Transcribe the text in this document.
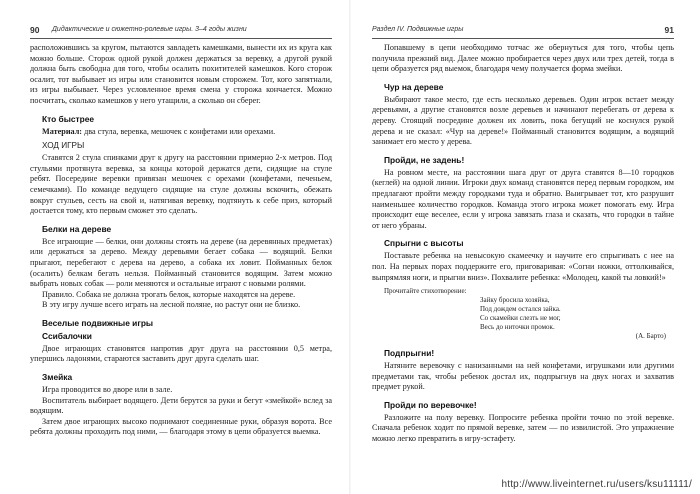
90 Дидактические и сюжетно-ролевые игры. 3–4 годы жизни

расположившись за кругом, пытаются завладеть камешками, вынести их из круга как можно больше. Сторож одной рукой должен держаться за веревку, а другой рукой должна быть свободна для того, чтобы осалить похитителей камешков. Кого сторож осалит, тот выбывает из игры или становится новым сторожем. Тот, кого запятнали, из игры выбывает. Через условленное время смена у сторожа кончается. Можно посчитать, сколько камешков у него утащили, а сколько он сберег.

Кто быстрее

Материал: два стула, веревка, мешочек с конфетами или орехами.

ХОД ИГРЫ

Ставятся 2 стула спинками друг к другу на расстоянии примерно 2-х метров. Под стульями протянута веревка, за концы которой держатся дети, сидящие на стуле ребят. Посередине веревки привязан мешочек с орехами (конфетами, печеньем, семечками). По команде ведущего сидящие на стуле должны вскочить, обежать вокруг стульев, сесть на свой и, натягивая веревку, подтянуть к себе приз, который достается тому, кто первым сможет это сделать.

Белки на дереве

Все играющие — белки, они должны стоять на дереве (на деревянных предметах) или держаться за дерево. Между деревьями бегает собака — водящий. Белки прыгают, перебегают с дерева на дерево, а собака их ловит. Пойманных белок (осалить) белкам бегать нельзя. Пойманный становится водящим. Затем можно выбрать новых собак — роли меняются и остальные играют с новыми ролями.

Правило. Собака не должна трогать белок, которые находятся на дереве.

В эту игру лучше всего играть на лесной поляне, но растут они не близко.

Веселые подвижные игры
Ссибалочки

Двое играющих становятся напротив друг друга на расстоянии 0,5 метра, упершись ладонями, стараются заставить друг друга сделать шаг.

Змейка

Игра проводится во дворе или в зале.

Воспитатель выбирает водящего. Дети берутся за руки и бегут «змейкой» вслед за водящим.

Затем двое играющих высоко поднимают соединенные руки, образуя ворота. Все ребята должны проходить под ними, — благодаря этому в цепи образуется выемка.

Раздел IV. Подвижные игры	91

Попавшему в цепи необходимо тотчас же обернуться для того, чтобы цепь получила прежний вид. Далее можно пробирается через двух или трех детей, тогда в цепи образуется ряд выемок, благодаря чему получается форма змейки.

Чур на дереве

Выбирают такое место, где есть несколько деревьев. Один игрок встает между деревьями, а другие становятся возле деревьев и начинают перебегать от дерева к дереву. Стоящий посредине должен их ловить, пока бегущий не коснулся рукой дерева и не сказал: «Чур на дереве!» Пойманный становится водящим, а водящий занимает его место у дерева.

Пройди, не задень!

На ровном месте, на расстоянии шага друг от друга ставятся 8—10 городков (кеглей) на одной линии. Игроки двух команд становятся перед первым городком, им предлагают пройти между городками туда и обратно. Выигрывает тот, кто разрушит наименьшее количество городков. Команда этого игрока может помогать ему. Игра происходит еще веселее, если у игрока завязать глаза и сказать, что городки в тайне от него убраны.

Спрыгни с высоты

Поставьте ребенка на невысокую скамеечку и научите его спрыгивать с нее на пол. На первых порах поддержите его, приговаривая: «Согни ножки, оттолкивайся, выпрямляя ноги, и прыгни вниз». Похвалите ребенка: «Молодец, какой ты ловкий!»

Прочитайте стихотворение:
Зайку бросила хозяйка,
Под дождем остался зайка.
Со скамейки слезть не мог,
Весь до ниточки промок.
(А. Барто)
Подпрыгни!

Натяните веревочку с нанизанными на ней конфетами, игрушками или другими предметами так, чтобы ребенок достал их, подпрыгнув на двух ногах и захватив предмет рукой.

Пройди по веревочке!

Разложите на полу веревку. Попросите ребенка пройти точно по этой веревке. Сначала ребенок ходит по прямой веревке, затем — по извилистой. Это упражнение можно легко превратить в игру-эстафету.

http://www.liveinternet.ru/users/ksu11111/
